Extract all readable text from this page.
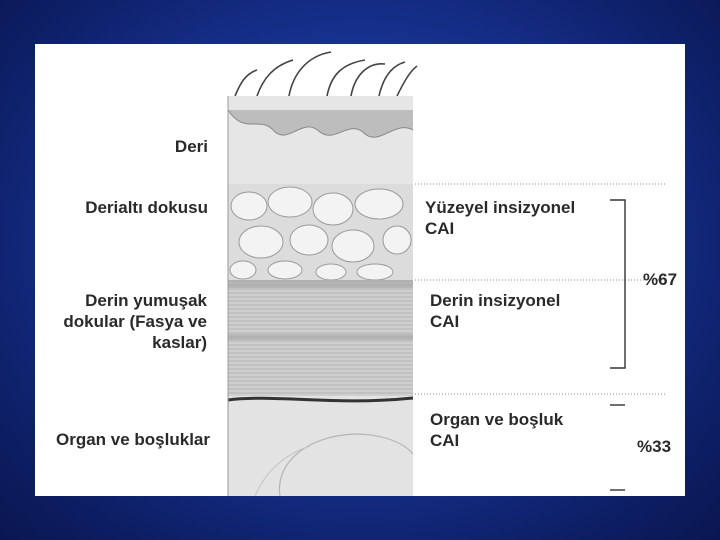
Deri
Derialtı dokusu
Derin yumuşak
dokular (Fasya ve
kaslar)
Organ ve boşluklar
Yüzeyel insizyonel
CAI
Derin insizyonel
CAI
Organ ve boşluk
CAI
%67
%33
